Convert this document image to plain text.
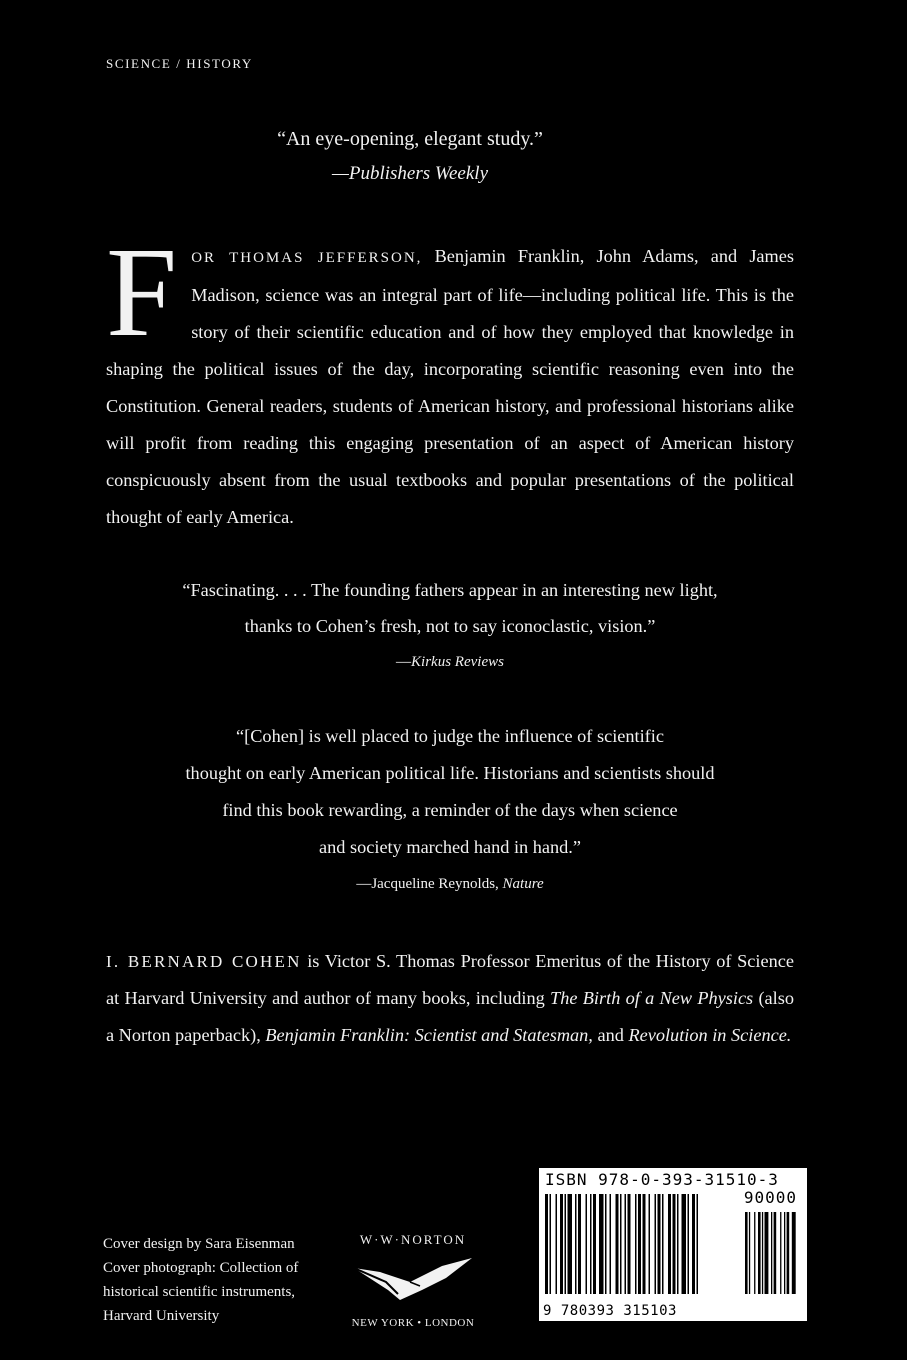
SCIENCE / HISTORY
“An eye-opening, elegant study.”
—Publishers Weekly

FOR THOMAS JEFFERSON, Benjamin Franklin, John Adams, and James Madison, science was an integral part of life—including political life. This is the story of their scientific education and of how they employed that knowledge in shaping the political issues of the day, incorporating scientific reasoning even into the Constitution. General readers, students of American history, and professional historians alike will profit from reading this engaging presentation of an aspect of American history conspicuously absent from the usual textbooks and popular presentations of the political thought of early America.

“Fascinating. . . . The founding fathers appear in an interesting new light,
thanks to Cohen’s fresh, not to say iconoclastic, vision.”
—Kirkus Reviews
“[Cohen] is well placed to judge the influence of scientific
thought on early American political life. Historians and scientists should
find this book rewarding, a reminder of the days when science
and society marched hand in hand.”
—Jacqueline Reynolds, Nature

I. BERNARD COHEN is Victor S. Thomas Professor Emeritus of the History of Science at Harvard University and author of many books, including The Birth of a New Physics (also a Norton paperback), Benjamin Franklin: Scientist and Statesman, and Revolution in Science.

Cover design by Sara Eisenman
Cover photograph: Collection of
historical scientific instruments,
Harvard University
W·W·NORTON
NEW YORK • LONDON
ISBN 978-0-393-31510-3
90000
9 780393 315103
